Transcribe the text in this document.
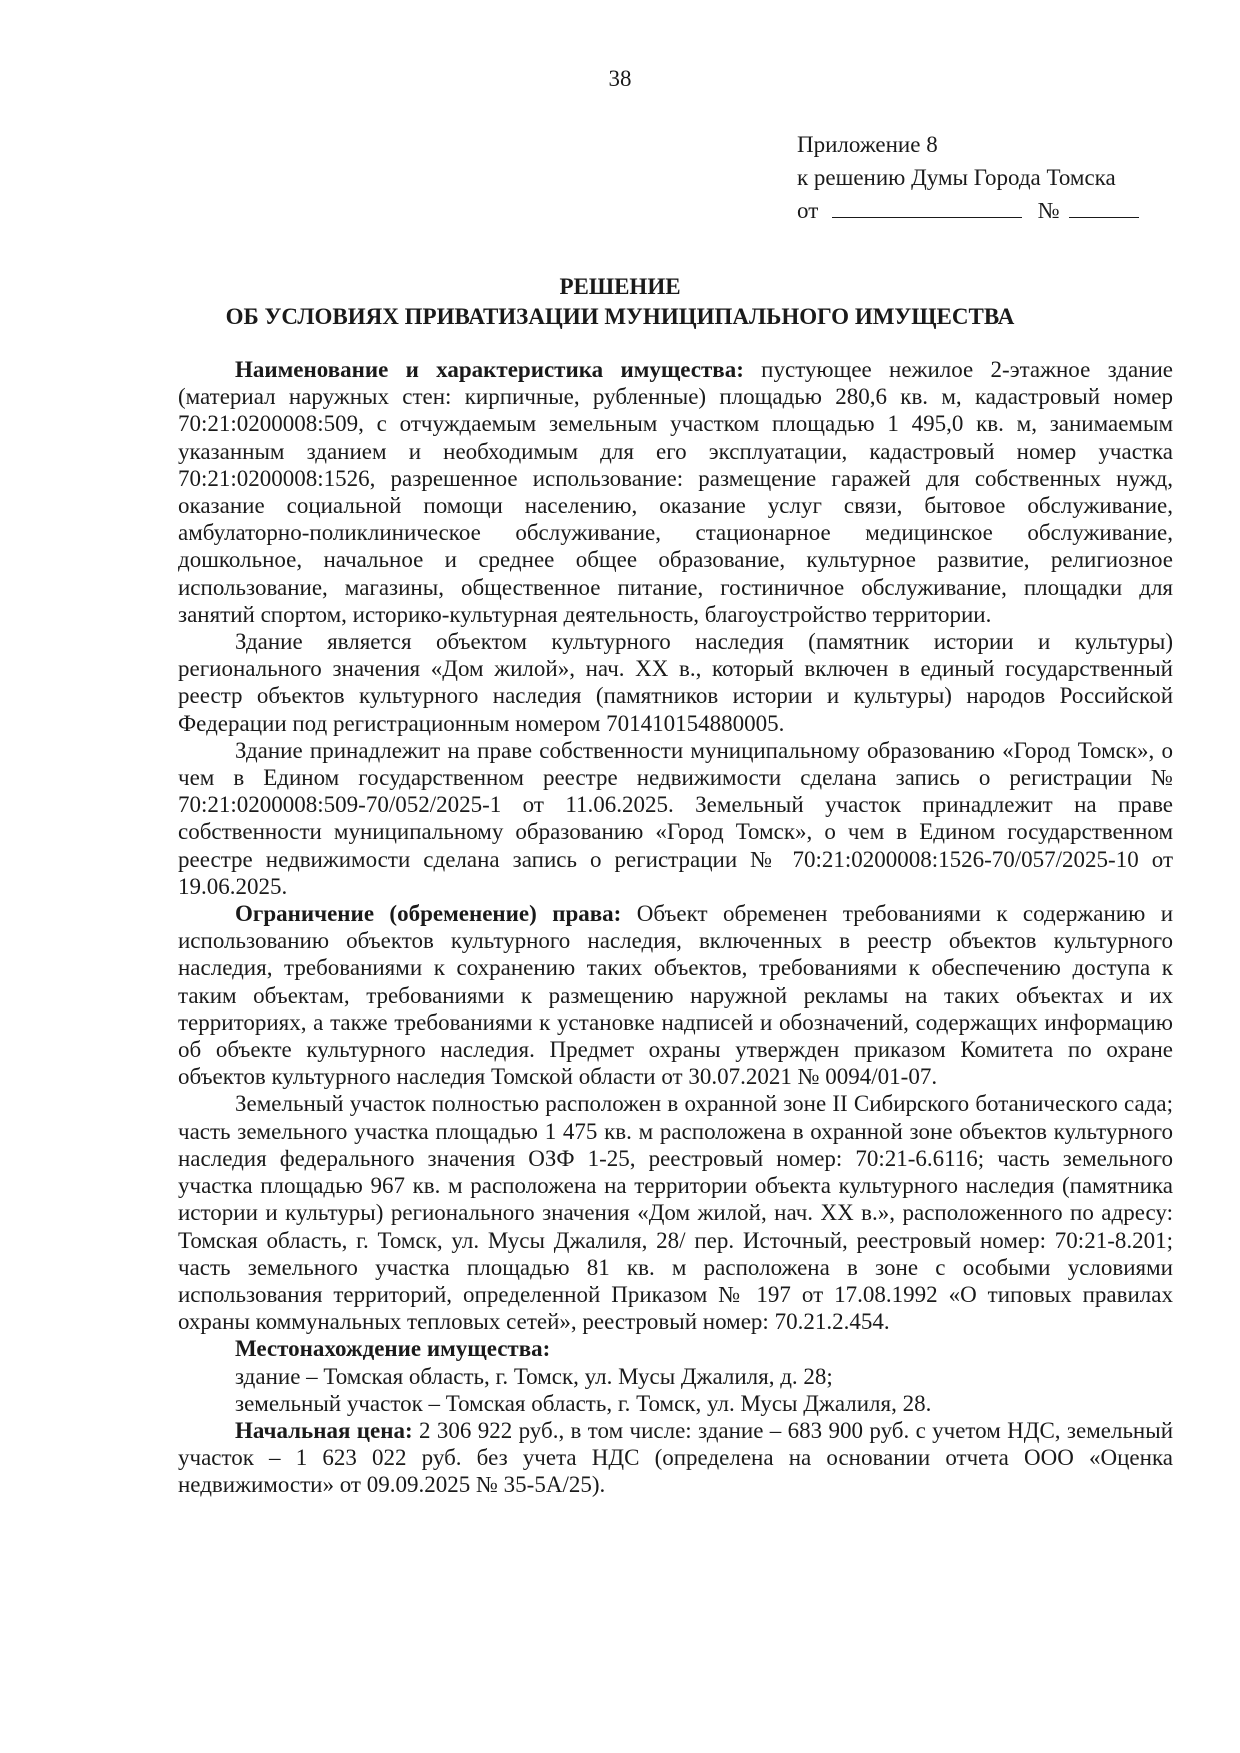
38
Приложение 8
к решению Думы Города Томска
от	№
РЕШЕНИЕ
ОБ УСЛОВИЯХ ПРИВАТИЗАЦИИ МУНИЦИПАЛЬНОГО ИМУЩЕСТВА

Наименование и характеристика имущества: пустующее нежилое 2-этажное здание (материал наружных стен: кирпичные, рубленные) площадью 280,6 кв. м, кадастровый номер 70:21:0200008:509, с отчуждаемым земельным участком площадью 1 495,0 кв. м, занимаемым указанным зданием и необходимым для его эксплуатации, кадастровый номер участка 70:21:0200008:1526, разрешенное использование: размещение гаражей для собственных нужд, оказание социальной помощи населению, оказание услуг связи, бытовое обслуживание, амбулаторно-поликлиническое обслуживание, стационарное медицинское обслуживание, дошкольное, начальное и среднее общее образование, культурное развитие, религиозное использование, магазины, общественное питание, гостиничное обслуживание, площадки для занятий спортом, историко-культурная деятельность, благоустройство территории.

Здание является объектом культурного наследия (памятник истории и культуры) регионального значения «Дом жилой», нач. XX в., который включен в единый государственный реестр объектов культурного наследия (памятников истории и культуры) народов Российской Федерации под регистрационным номером 701410154880005.

Здание принадлежит на праве собственности муниципальному образованию «Город Томск», о чем в Едином государственном реестре недвижимости сделана запись о регистрации № 70:21:0200008:509-70/052/2025-1 от 11.06.2025. Земельный участок принадлежит на праве собственности муниципальному образованию «Город Томск», о чем в Едином государственном реестре недвижимости сделана запись о регистрации № 70:21:0200008:1526-70/057/2025-10 от 19.06.2025.

Ограничение (обременение) права: Объект обременен требованиями к содержанию и использованию объектов культурного наследия, включенных в реестр объектов культурного наследия, требованиями к сохранению таких объектов, требованиями к обеспечению доступа к таким объектам, требованиями к размещению наружной рекламы на таких объектах и их территориях, а также требованиями к установке надписей и обозначений, содержащих информацию об объекте культурного наследия. Предмет охраны утвержден приказом Комитета по охране объектов культурного наследия Томской области от 30.07.2021 № 0094/01-07.

Земельный участок полностью расположен в охранной зоне II Сибирского ботанического сада; часть земельного участка площадью 1 475 кв. м расположена в охранной зоне объектов культурного наследия федерального значения ОЗФ 1-25, реестровый номер: 70:21-6.6116; часть земельного участка площадью 967 кв. м расположена на территории объекта культурного наследия (памятника истории и культуры) регионального значения «Дом жилой, нач. XX в.», расположенного по адресу: Томская область, г. Томск, ул. Мусы Джалиля, 28/ пер. Источный, реестровый номер: 70:21-8.201; часть земельного участка площадью 81 кв. м расположена в зоне с особыми условиями использования территорий, определенной Приказом № 197 от 17.08.1992 «О типовых правилах охраны коммунальных тепловых сетей», реестровый номер: 70.21.2.454.

Местонахождение имущества:

здание – Томская область, г. Томск, ул. Мусы Джалиля, д. 28;

земельный участок – Томская область, г. Томск, ул. Мусы Джалиля, 28.

Начальная цена: 2 306 922 руб., в том числе: здание – 683 900 руб. с учетом НДС, земельный участок – 1 623 022 руб. без учета НДС (определена на основании отчета ООО «Оценка недвижимости» от 09.09.2025 № 35-5А/25).
